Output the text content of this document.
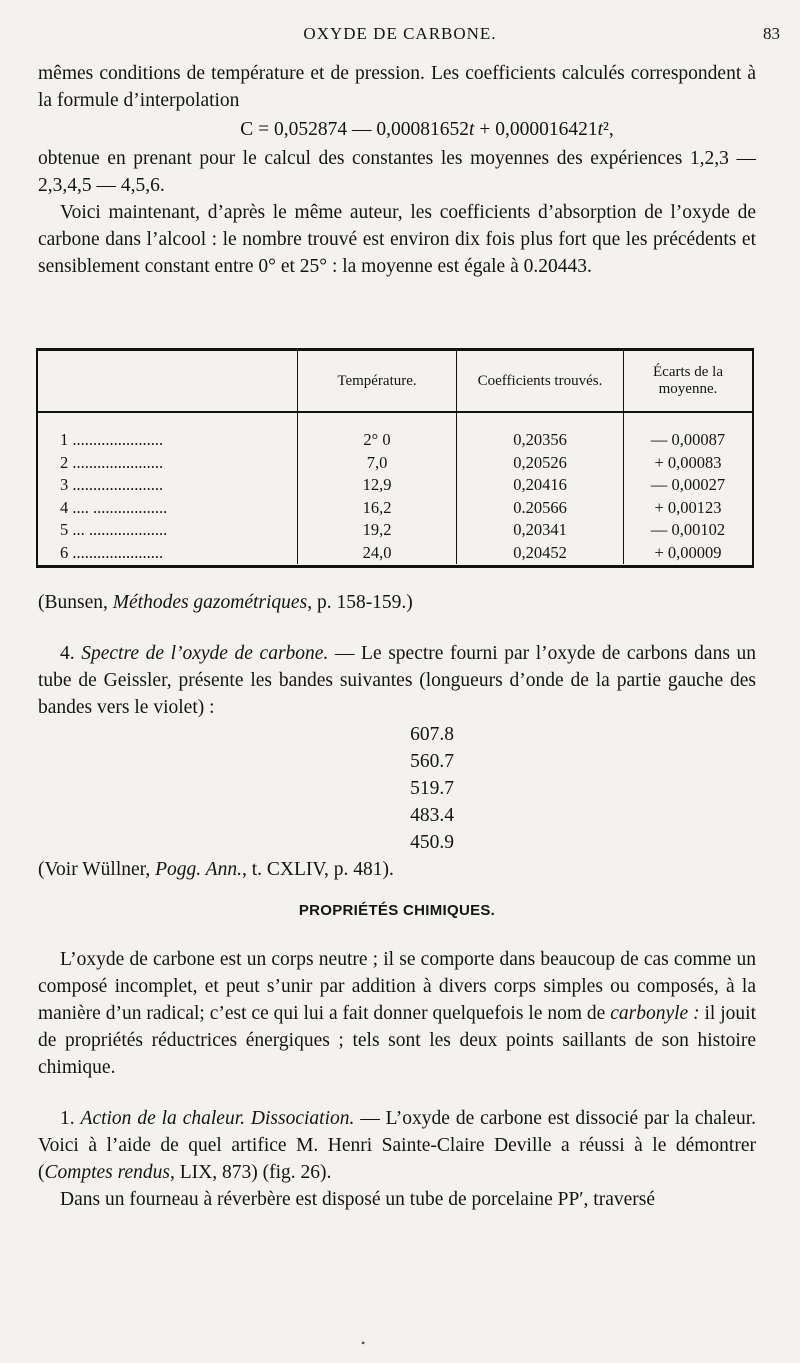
OXYDE DE CARBONE.	83

mêmes conditions de température et de pression. Les coefficients calculés correspondent à la formule d’interpolation

C = 0,052874 — 0,00081652t + 0,000016421t²,

obtenue en prenant pour le calcul des constantes les moyennes des expériences 1,2,3 — 2,3,4,5 — 4,5,6.

Voici maintenant, d’après le même auteur, les coefficients d’absorption de l’oxyde de carbone dans l’alcool : le nombre trouvé est environ dix fois plus fort que les précédents et sensiblement constant entre 0° et 25° : la moyenne est égale à 0.20443.

	Température.	Coefficients trouvés.	Écarts de la moyenne.
1 ......................	2° 0	0,20356	— 0,00087
2 ......................	7,0	0,20526	+ 0,00083
3 ......................	12,9	0,20416	— 0,00027
4 .... ..................	16,2	0.20566	+ 0,00123
5 ... ...................	19,2	0,20341	— 0,00102
6 ......................	24,0	0,20452	+ 0,00009

(Bunsen, Méthodes gazométriques, p. 158-159.)

4. Spectre de l’oxyde de carbone. — Le spectre fourni par l’oxyde de carbons dans un tube de Geissler, présente les bandes suivantes (longueurs d’onde de la partie gauche des bandes vers le violet) :

607.8
560.7
519.7
483.4
450.9

(Voir Wüllner, Pogg. Ann., t. CXLIV, p. 481).

PROPRIÉTÉS CHIMIQUES.

L’oxyde de carbone est un corps neutre ; il se comporte dans beaucoup de cas comme un composé incomplet, et peut s’unir par addition à divers corps simples ou composés, à la manière d’un radical; c’est ce qui lui a fait donner quelquefois le nom de carbonyle : il jouit de propriétés réductrices énergiques ; tels sont les deux points saillants de son histoire chimique.

1. Action de la chaleur. Dissociation. — L’oxyde de carbone est dissocié par la chaleur. Voici à l’aide de quel artifice M. Henri Sainte-Claire Deville a réussi à le démontrer (Comptes rendus, LIX, 873) (fig. 26).

Dans un fourneau à réverbère est disposé un tube de porcelaine PP′, traversé

•
